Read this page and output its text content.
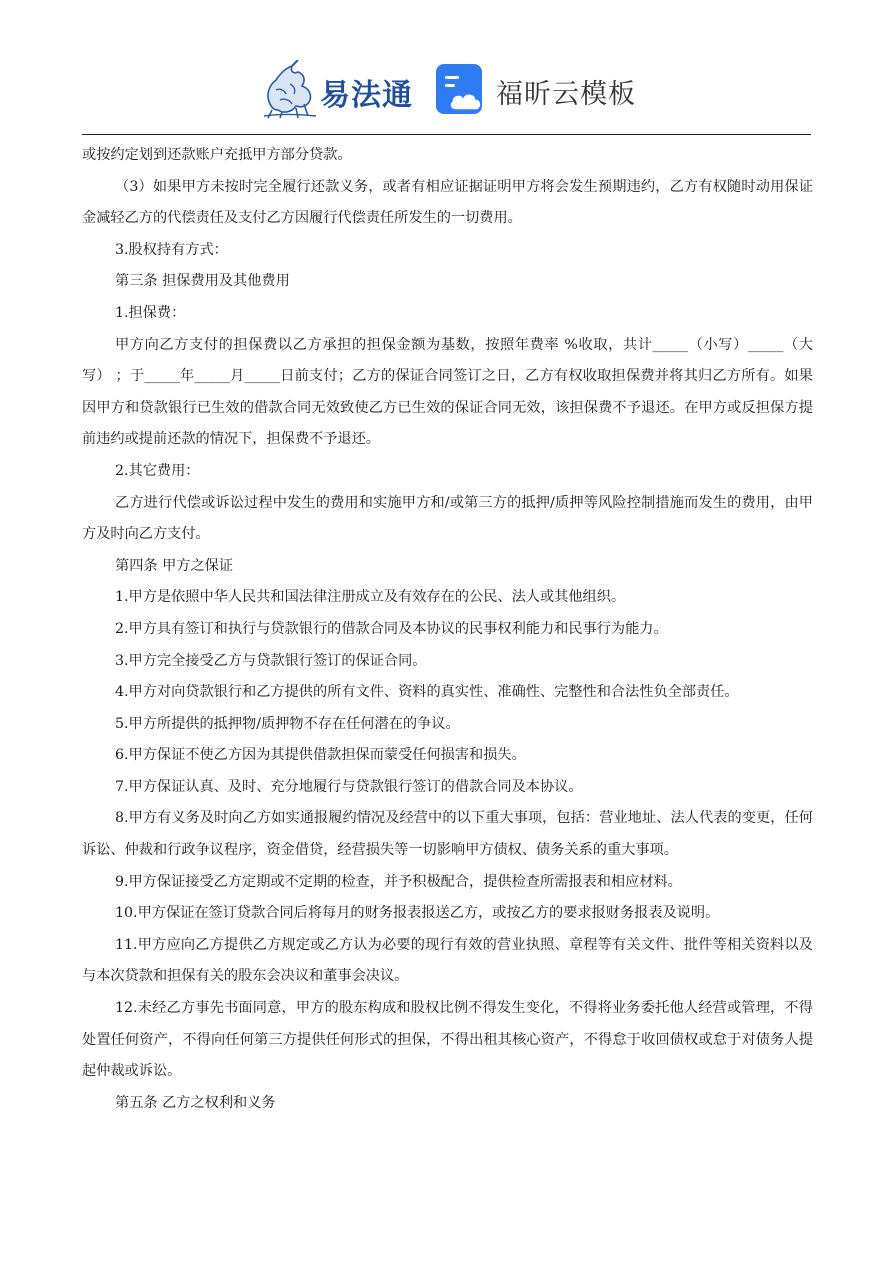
易法通	福昕云模板

或按约定划到还款账户充抵甲方部分贷款。

（3）如果甲方未按时完全履行还款义务，或者有相应证据证明甲方将会发生预期违约，乙方有权随时动用保证金减轻乙方的代偿责任及支付乙方因履行代偿责任所发生的一切费用。

3.股权持有方式：

第三条 担保费用及其他费用

1.担保费：

甲方向乙方支付的担保费以乙方承担的担保金额为基数，按照年费率 %收取，共计_____（小写）_____（大写） ；于_____年_____月_____日前支付；乙方的保证合同签订之日，乙方有权收取担保费并将其归乙方所有。如果因甲方和贷款银行已生效的借款合同无效致使乙方已生效的保证合同无效，该担保费不予退还。在甲方或反担保方提前违约或提前还款的情况下，担保费不予退还。

2.其它费用：

乙方进行代偿或诉讼过程中发生的费用和实施甲方和/或第三方的抵押/质押等风险控制措施而发生的费用，由甲方及时向乙方支付。

第四条 甲方之保证

1.甲方是依照中华人民共和国法律注册成立及有效存在的公民、法人或其他组织。

2.甲方具有签订和执行与贷款银行的借款合同及本协议的民事权利能力和民事行为能力。

3.甲方完全接受乙方与贷款银行签订的保证合同。

4.甲方对向贷款银行和乙方提供的所有文件、资料的真实性、准确性、完整性和合法性负全部责任。

5.甲方所提供的抵押物/质押物不存在任何潜在的争议。

6.甲方保证不使乙方因为其提供借款担保而蒙受任何损害和损失。

7.甲方保证认真、及时、充分地履行与贷款银行签订的借款合同及本协议。

8.甲方有义务及时向乙方如实通报履约情况及经营中的以下重大事项，包括：营业地址、法人代表的变更，任何诉讼、仲裁和行政争议程序，资金借贷，经营损失等一切影响甲方债权、债务关系的重大事项。

9.甲方保证接受乙方定期或不定期的检查，并予积极配合，提供检查所需报表和相应材料。

10.甲方保证在签订贷款合同后将每月的财务报表报送乙方，或按乙方的要求报财务报表及说明。

11.甲方应向乙方提供乙方规定或乙方认为必要的现行有效的营业执照、章程等有关文件、批件等相关资料以及与本次贷款和担保有关的股东会决议和董事会决议。

12.未经乙方事先书面同意，甲方的股东构成和股权比例不得发生变化，不得将业务委托他人经营或管理，不得处置任何资产，不得向任何第三方提供任何形式的担保，不得出租其核心资产，不得怠于收回债权或怠于对债务人提起仲裁或诉讼。

第五条 乙方之权利和义务
